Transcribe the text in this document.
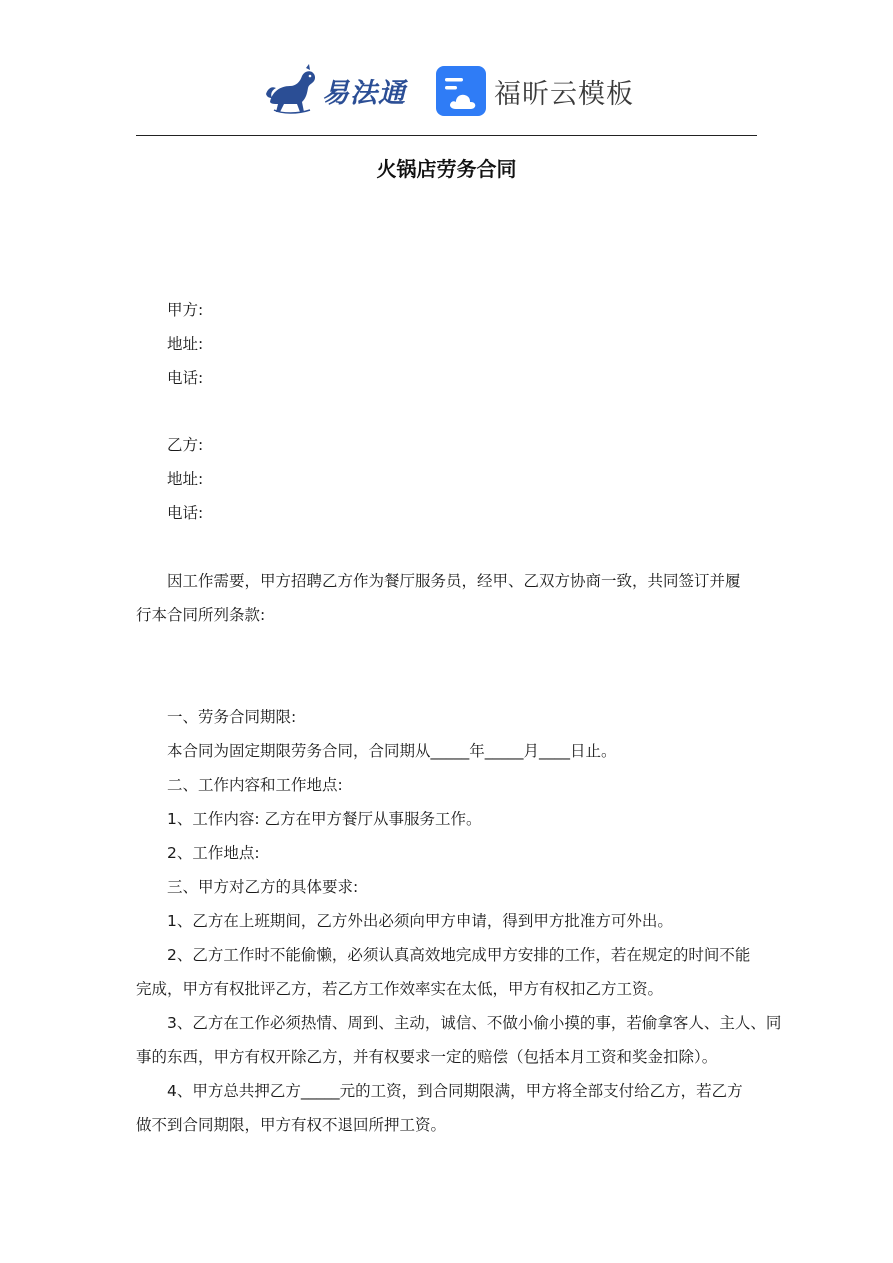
易法通	福昕云模板
火锅店劳务合同
甲方:
地址:
电话:
乙方:
地址:
电话:
因工作需要，甲方招聘乙方作为餐厅服务员，经甲、乙双方协商一致，共同签订并履
行本合同所列条款:
一、劳务合同期限:
本合同为固定期限劳务合同，合同期从_____年_____月____日止。
二、工作内容和工作地点:
1、工作内容: 乙方在甲方餐厅从事服务工作。
2、工作地点:
三、甲方对乙方的具体要求:
1、乙方在上班期间，乙方外出必须向甲方申请，得到甲方批准方可外出。
2、乙方工作时不能偷懒，必须认真高效地完成甲方安排的工作，若在规定的时间不能
完成，甲方有权批评乙方，若乙方工作效率实在太低，甲方有权扣乙方工资。
3、乙方在工作必须热情、周到、主动，诚信、不做小偷小摸的事，若偷拿客人、主人、同
事的东西，甲方有权开除乙方，并有权要求一定的赔偿（包括本月工资和奖金扣除）。
4、甲方总共押乙方_____元的工资，到合同期限满，甲方将全部支付给乙方，若乙方
做不到合同期限，甲方有权不退回所押工资。
